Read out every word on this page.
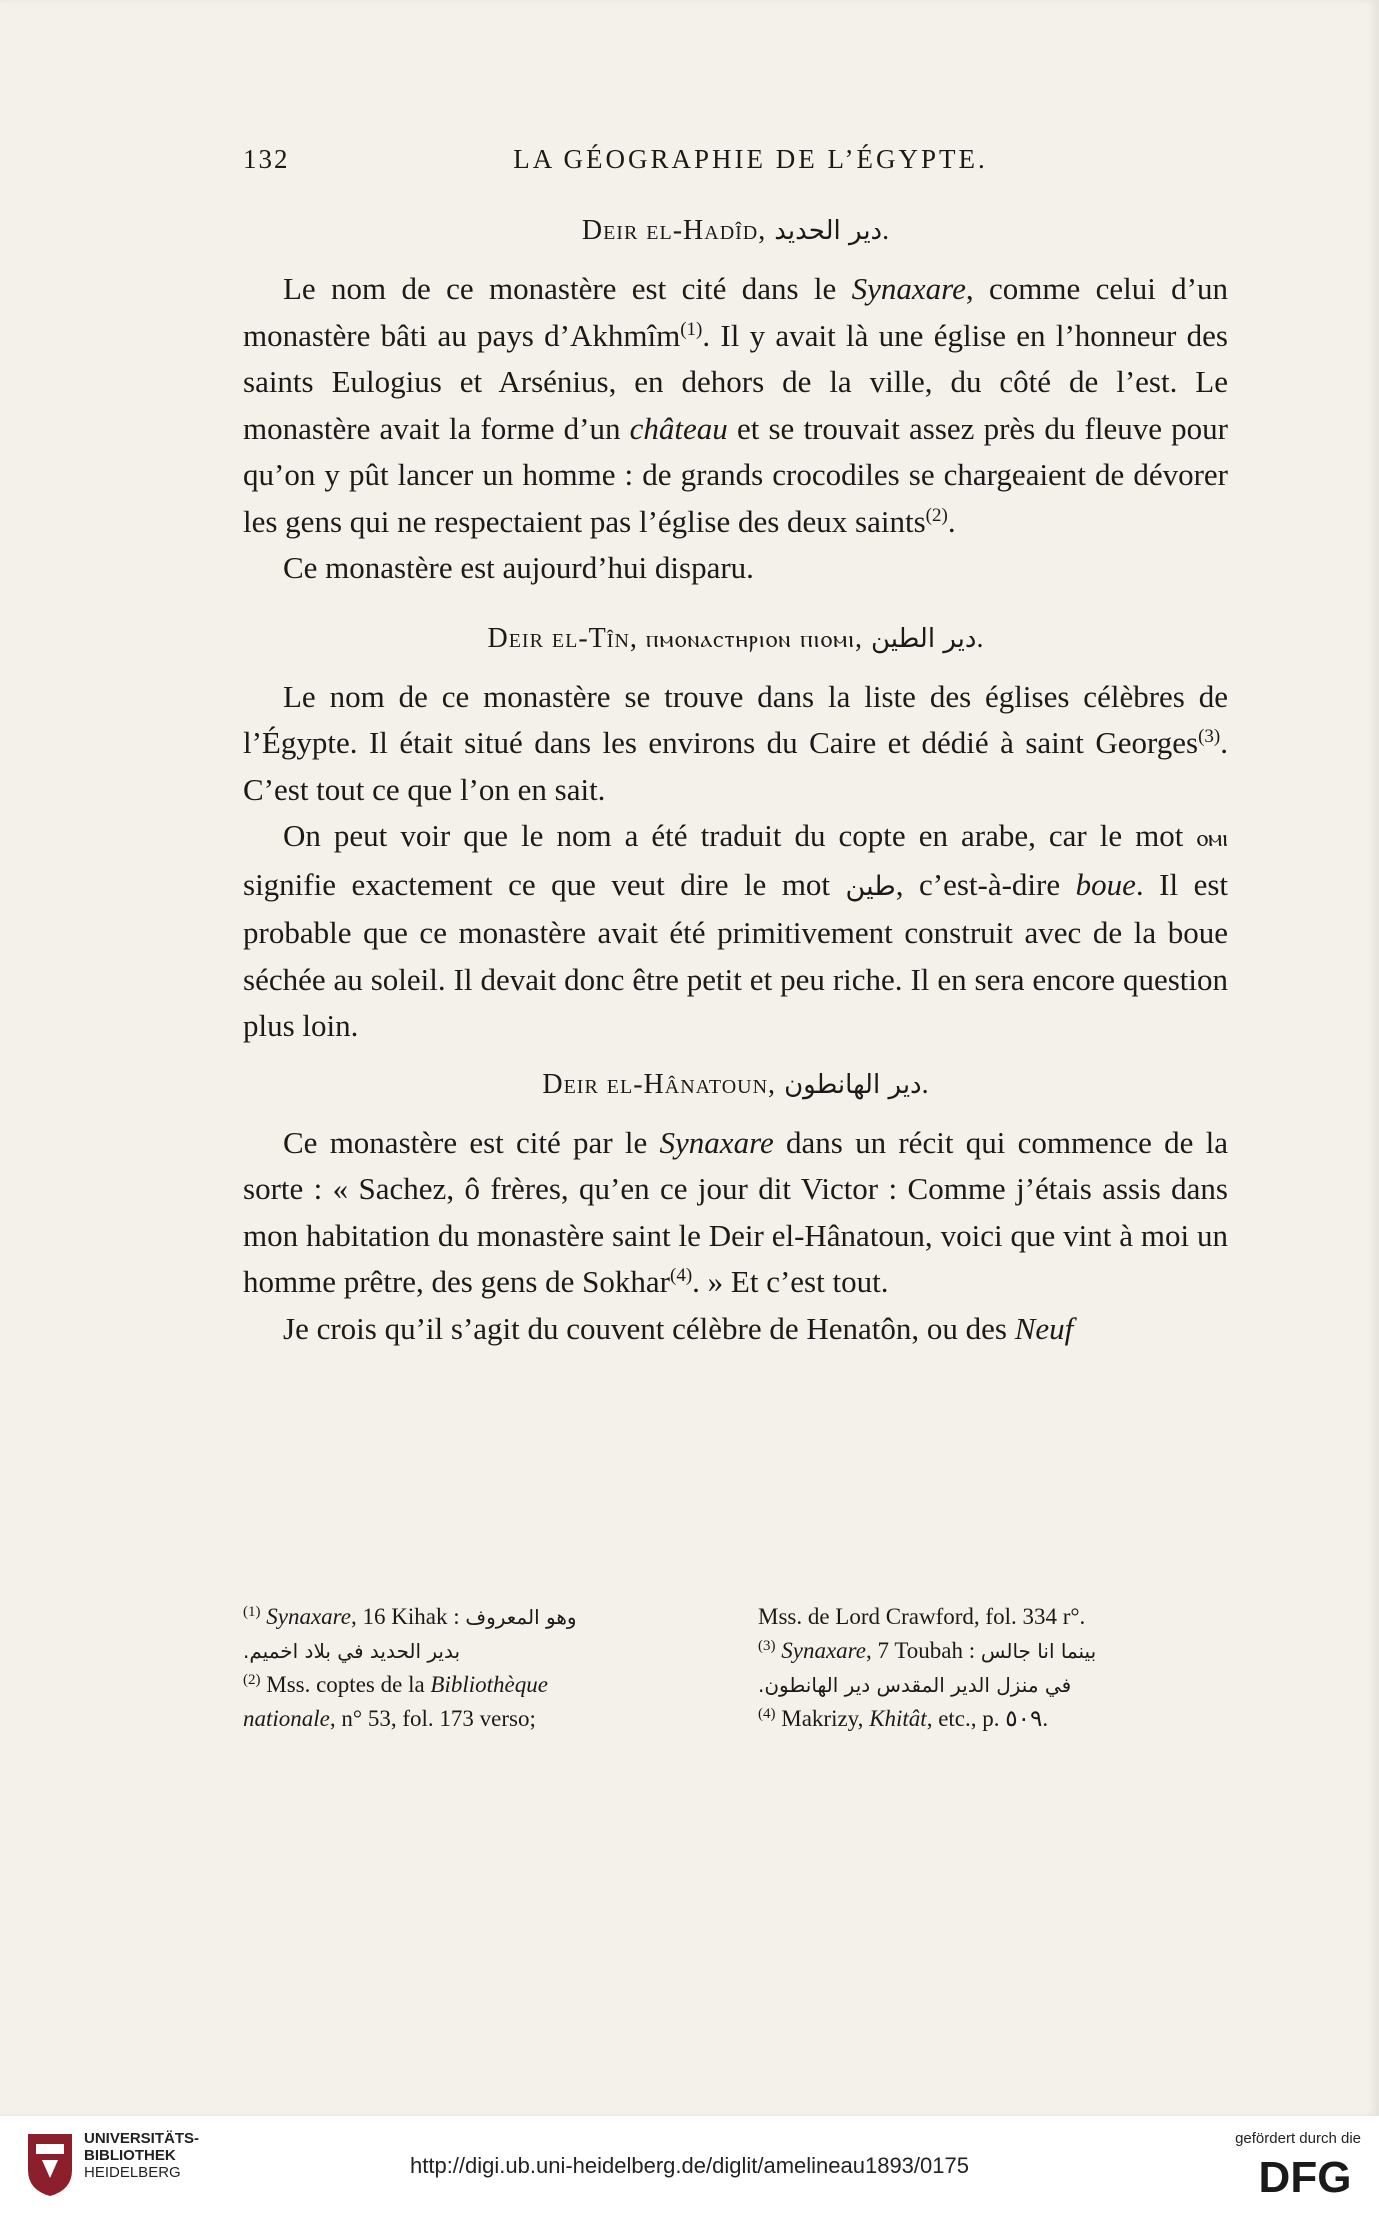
132	LA GÉOGRAPHIE DE L’ÉGYPTE.
Deir el-Hadîd, دير الحديد.

Le nom de ce monastère est cité dans le Synaxare, comme celui d’un monastère bâti au pays d’Akhmîm$^{(1)}$. Il y avait là une église en l’honneur des saints Eulogius et Arsénius, en dehors de la ville, du côté de l’est. Le monastère avait la forme d’un château et se trouvait assez près du fleuve pour qu’on y pût lancer un homme : de grands crocodiles se chargeaient de dévorer les gens qui ne respectaient pas l’église des deux saints$^{(2)}$.

Ce monastère est aujourd’hui disparu.

Deir el-Tîn, ⲡⲙⲟⲛⲁⲥⲧⲏⲣⲓⲟⲛ ⲡⲓⲟⲙⲓ, دير الطين.

Le nom de ce monastère se trouve dans la liste des églises célèbres de l’Égypte. Il était situé dans les environs du Caire et dédié à saint Georges$^{(3)}$. C’est tout ce que l’on en sait.

On peut voir que le nom a été traduit du copte en arabe, car le mot ⲟⲙⲓ signifie exactement ce que veut dire le mot طين, c’est-à-dire boue. Il est probable que ce monastère avait été primitivement construit avec de la boue séchée au soleil. Il devait donc être petit et peu riche. Il en sera encore question plus loin.

Deir el-Hânatoun, دير الهانطون.

Ce monastère est cité par le Synaxare dans un récit qui commence de la sorte : « Sachez, ô frères, qu’en ce jour dit Victor : Comme j’étais assis dans mon habitation du monastère saint le Deir el-Hânatoun, voici que vint à moi un homme prêtre, des gens de Sokhar$^{(4)}$. » Et c’est tout.

Je crois qu’il s’agit du couvent célèbre de Henatôn, ou des Neuf

$^{(1)}$ Synaxare, 16 Kihak : وهو المعروف
بدير الحديد في بلاد اخميم.
$^{(2)}$ Mss. coptes de la Bibliothèque
nationale, n° 53, fol. 173 verso;
Mss. de Lord Crawford, fol. 334 r°.
$^{(3)}$ Synaxare, 7 Toubah : بينما انا جالس
في منزل الدير المقدس دير الهانطون.
$^{(4)}$ Makrizy, Khitât, etc., p. ٥٠٩.
UNIVERSITÄTS-
BIBLIOTHEK
HEIDELBERG	http://digi.ub.uni-heidelberg.de/diglit/amelineau1893/0175
gefördert durch die
DFG
